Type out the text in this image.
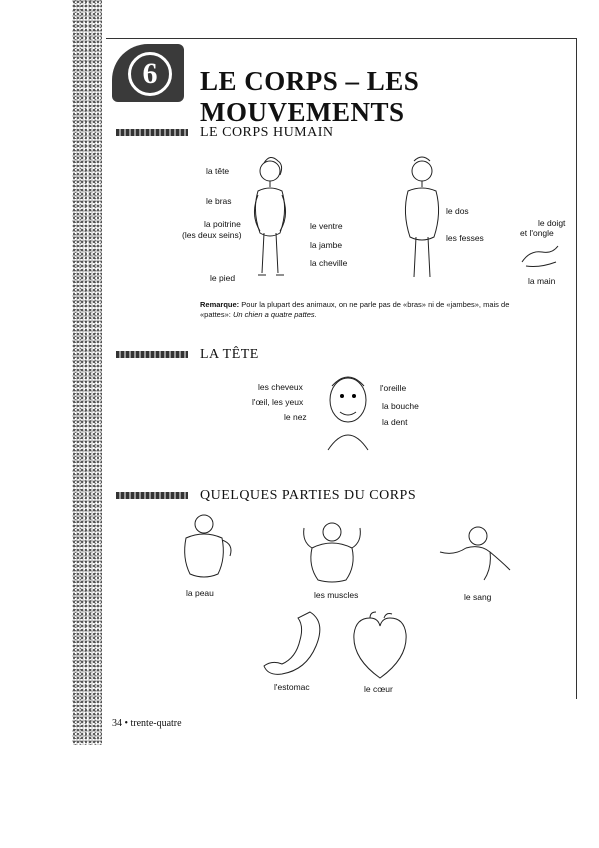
6	LE CORPS – LES MOUVEMENTS
LE CORPS HUMAIN
la tête
le bras
la poitrine
(les deux seins)
le pied
le ventre
la jambe
la cheville
le dos
les fesses
le doigt
et l'ongle
la main
Remarque: Pour la plupart des animaux, on ne parle pas de «bras» ni de «jambes», mais de «pattes»: Un chien a quatre pattes.
LA TÊTE
les cheveux
l'œil, les yeux
le nez
l'oreille
la bouche
la dent
QUELQUES PARTIES DU CORPS
la peau	les muscles	le sang
l'estomac	le cœur
34 • trente-quatre
